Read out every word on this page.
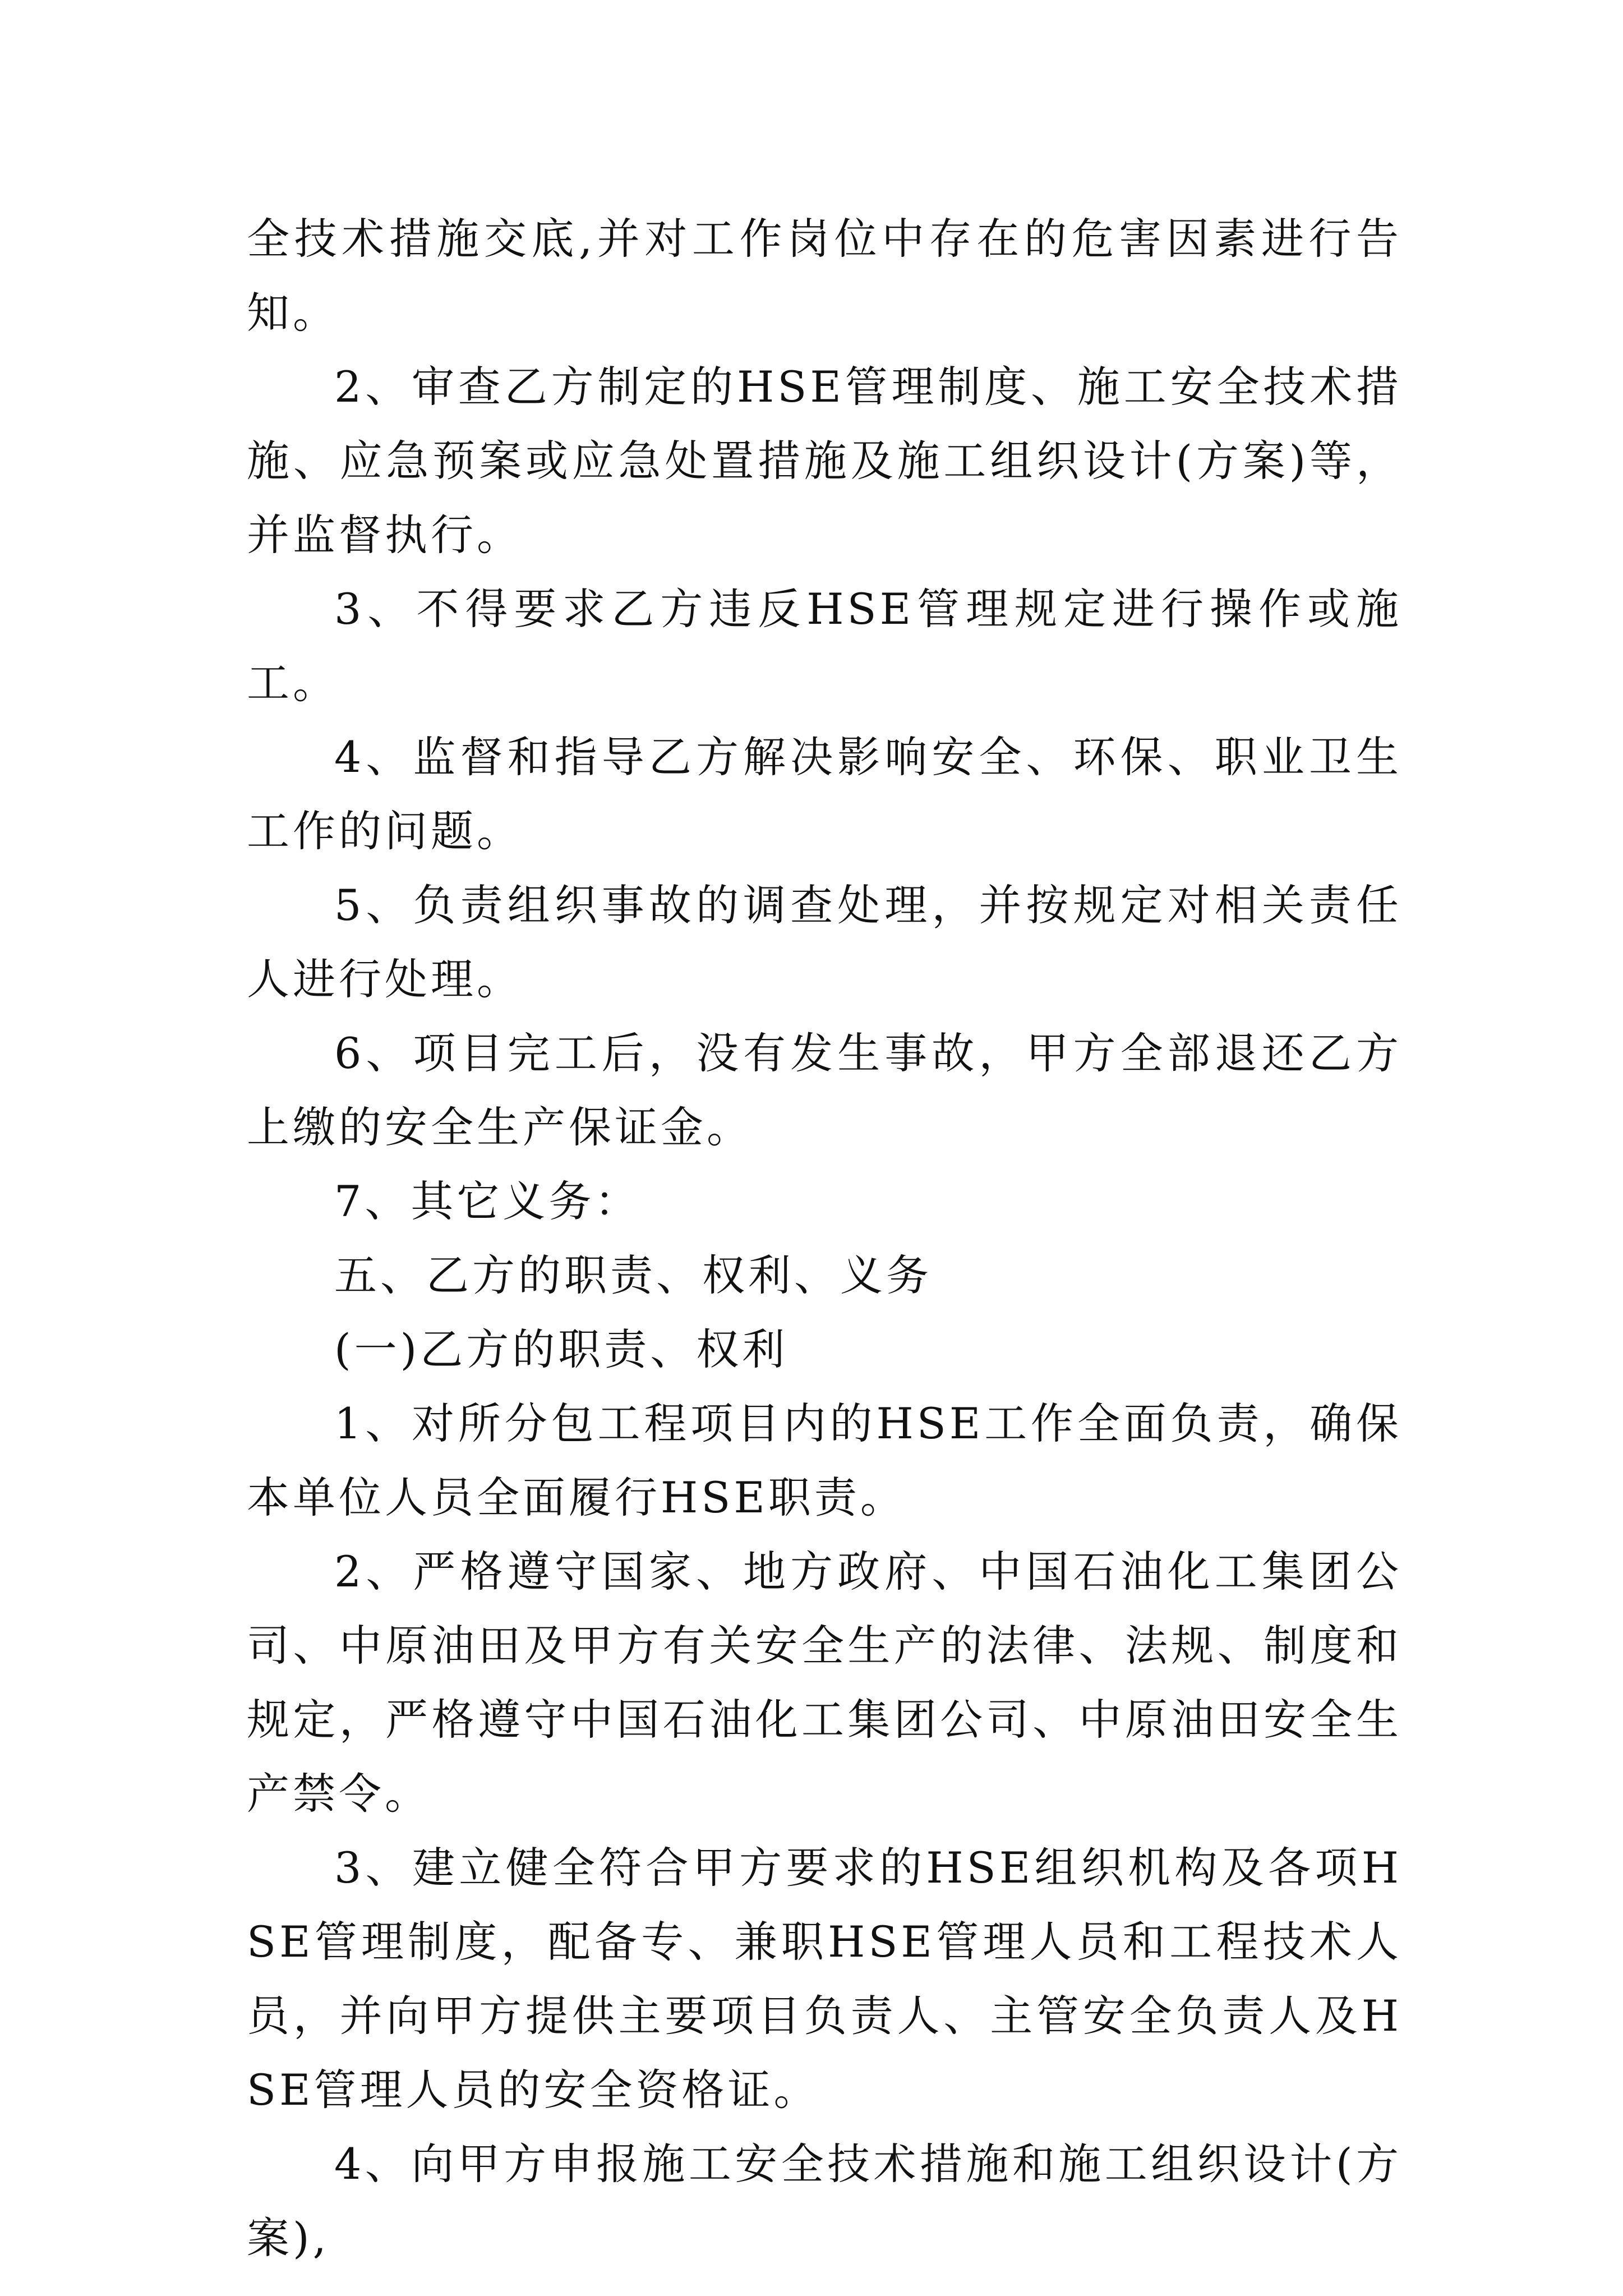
全技术措施交底,并对工作岗位中存在的危害因素进行告知。

2、审查乙方制定的HSE管理制度、施工安全技术措施、应急预案或应急处置措施及施工组织设计(方案)等，并监督执行。

3、不得要求乙方违反HSE管理规定进行操作或施工。

4、监督和指导乙方解决影响安全、环保、职业卫生工作的问题。

5、负责组织事故的调查处理，并按规定对相关责任人进行处理。

6、项目完工后，没有发生事故，甲方全部退还乙方上缴的安全生产保证金。

7、其它义务：

五、乙方的职责、权利、义务

(一)乙方的职责、权利

1、对所分包工程项目内的HSE工作全面负责，确保本单位人员全面履行HSE职责。

2、严格遵守国家、地方政府、中国石油化工集团公司、中原油田及甲方有关安全生产的法律、法规、制度和规定，严格遵守中国石油化工集团公司、中原油田安全生产禁令。

3、建立健全符合甲方要求的HSE组织机构及各项HSE管理制度，配备专、兼职HSE管理人员和工程技术人员，并向甲方提供主要项目负责人、主管安全负责人及HSE管理人员的安全资格证。

4、向甲方申报施工安全技术措施和施工组织设计(方案),
